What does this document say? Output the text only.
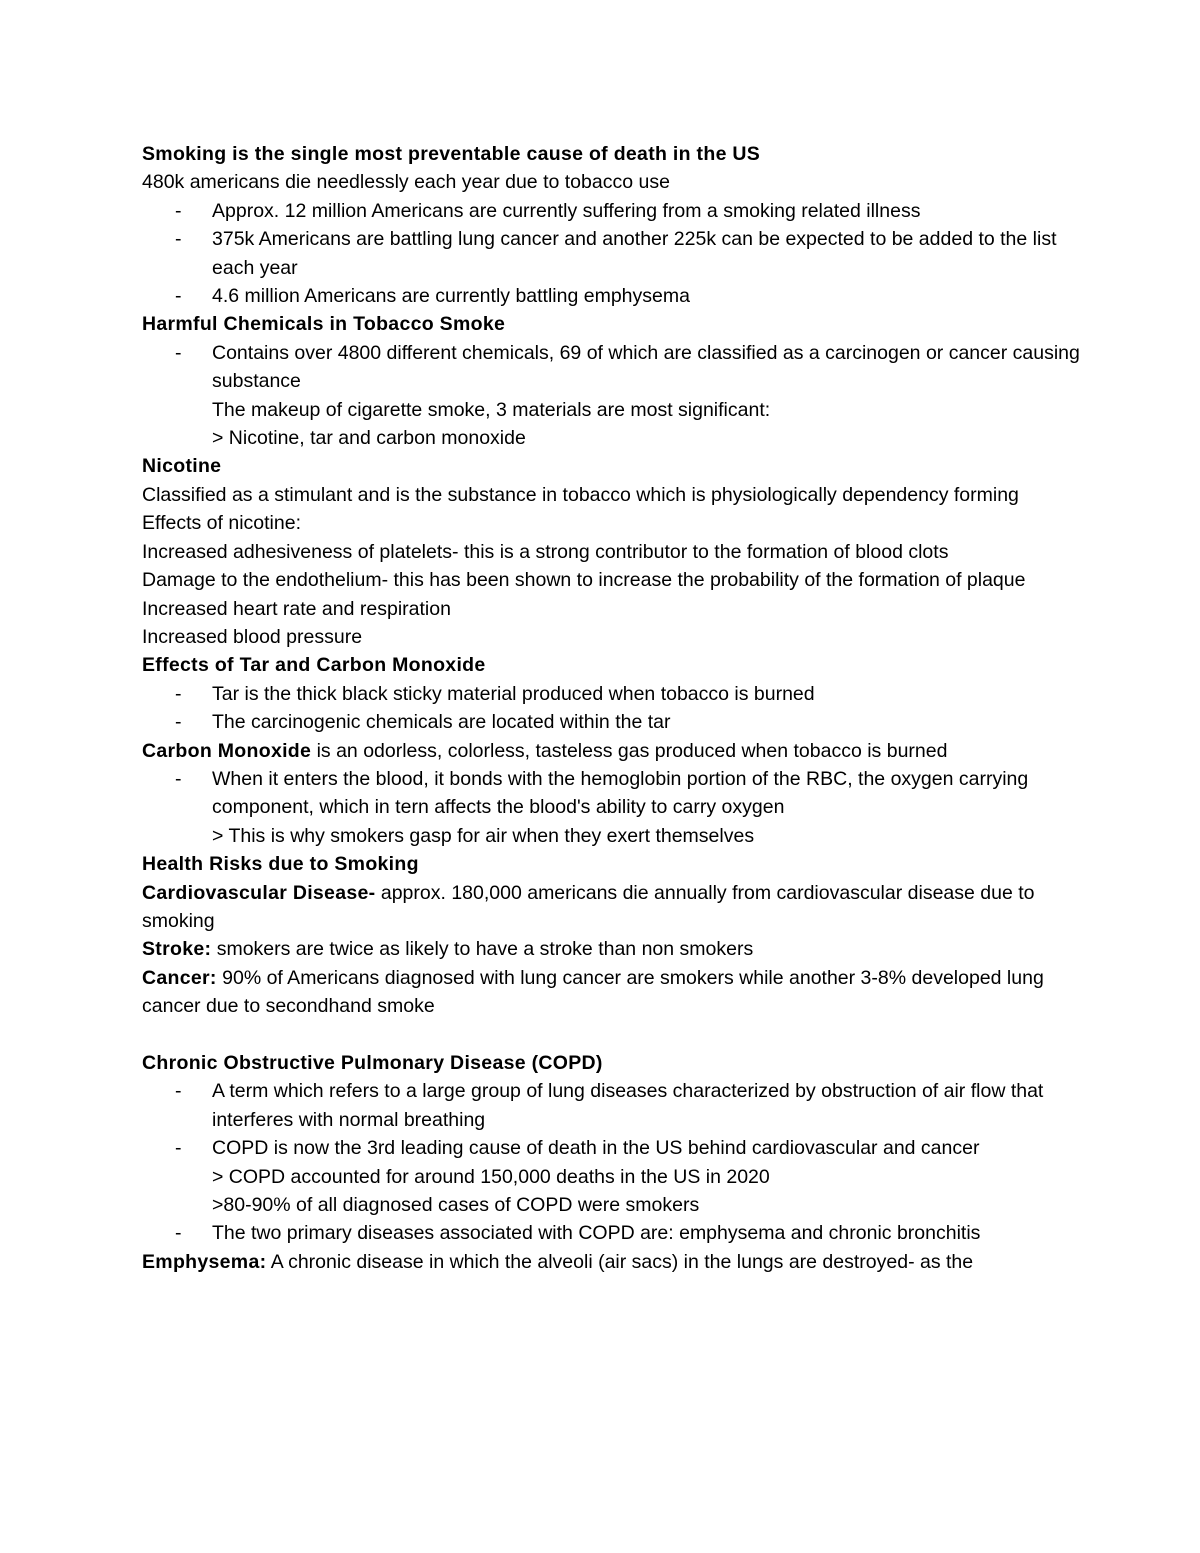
Smoking is the single most preventable cause of death in the US

480k americans die needlessly each year due to tobacco use

- Approx. 12 million Americans are currently suffering from a smoking related illness

- 375k Americans are battling lung cancer and another 225k can be expected to be added to the list each year

- 4.6 million Americans are currently battling emphysema

Harmful Chemicals in Tobacco Smoke

- Contains over 4800 different chemicals, 69 of which are classified as a carcinogen or cancer causing substance

The makeup of cigarette smoke, 3 materials are most significant:

> Nicotine, tar and carbon monoxide

Nicotine

Classified as a stimulant and is the substance in tobacco which is physiologically dependency forming

Effects of nicotine:

Increased adhesiveness of platelets- this is a strong contributor to the formation of blood clots

Damage to the endothelium- this has been shown to increase the probability of the formation of plaque

Increased heart rate and respiration

Increased blood pressure

Effects of Tar and Carbon Monoxide

- Tar is the thick black sticky material produced when tobacco is burned

- The carcinogenic chemicals are located within the tar

Carbon Monoxide is an odorless, colorless, tasteless gas produced when tobacco is burned

- When it enters the blood, it bonds with the hemoglobin portion of the RBC, the oxygen carrying component, which in tern affects the blood's ability to carry oxygen

> This is why smokers gasp for air when they exert themselves

Health Risks due to Smoking

Cardiovascular Disease- approx. 180,000 americans die annually from cardiovascular disease due to smoking

Stroke: smokers are twice as likely to have a stroke than non smokers

Cancer: 90% of Americans diagnosed with lung cancer are smokers while another 3-8% developed lung cancer due to secondhand smoke

Chronic Obstructive Pulmonary Disease (COPD)

- A term which refers to a large group of lung diseases characterized by obstruction of air flow that interferes with normal breathing

- COPD is now the 3rd leading cause of death in the US behind cardiovascular and cancer

> COPD accounted for around 150,000 deaths in the US in 2020

>80-90% of all diagnosed cases of COPD were smokers

- The two primary diseases associated with COPD are: emphysema and chronic bronchitis

Emphysema: A chronic disease in which the alveoli (air sacs) in the lungs are destroyed- as the
